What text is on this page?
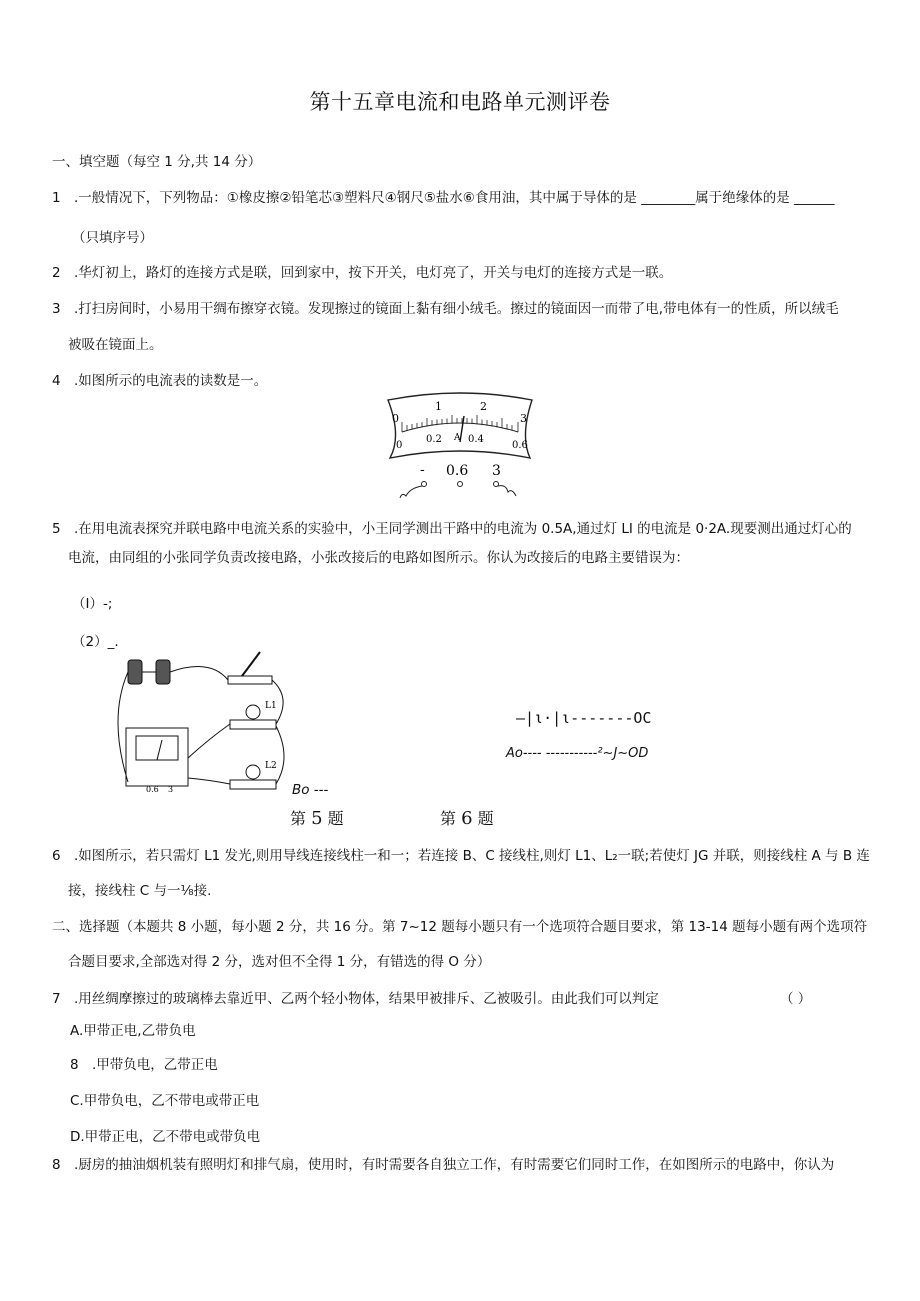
第十五章电流和电路单元测评卷
一、填空题（每空 1 分,共 14 分）
1 .一般情况下，下列物品：①橡皮擦②铅笔芯③塑料尺④钢尺⑤盐水⑥食用油，其中属于导体的是 ________属于绝缘体的是 ______
（只填序号）
2 .华灯初上，路灯的连接方式是联，回到家中，按下开关，电灯亮了，开关与电灯的连接方式是一联。
3 .打扫房间时，小易用干绸布擦穿衣镜。发现擦过的镜面上黏有细小绒毛。擦过的镜面因一而带了电,带电体有一的性质，所以绒毛
被吸在镜面上。
4 .如图所示的电流表的读数是一。
0
1	2
3
0
0.2 A 0.4
0.6
- 0.6 3
5 .在用电流表探究并联电路中电流关系的实验中，小王同学测出干路中的电流为 0.5A,通过灯 LI 的电流是 0·2A.现要测出通过灯心的
电流，由同组的小张同学负责改接电路，小张改接后的电路如图所示。你认为改接后的电路主要错误为：
（I）-;
（2）_.
L1
L2
0.6 3	Bo ---
—|ι·|ι-------OC
Ao---- -----------²~J~OD
第 5 题	第 6 题
6 .如图所示，若只需灯 L1 发光,则用导线连接线柱一和一；若连接 B、C 接线柱,则灯 L1、L₂一联;若使灯 JG 并联，则接线柱 A 与 B 连
接，接线柱 C 与一⅛接.
二、选择题（本题共 8 小题，每小题 2 分，共 16 分。第 7~12 题每小题只有一个选项符合题目要求，第 13-14 题每小题有两个选项符
合题目要求,全部选对得 2 分，选对但不全得 1 分，有错选的得 O 分）
7 .用丝绸摩擦过的玻璃棒去靠近甲、乙两个轻小物体，结果甲被排斥、乙被吸引。由此我们可以判定	（ ）
A.甲带正电,乙带负电
8 .甲带负电，乙带正电
C.甲带负电，乙不带电或带正电
D.甲带正电，乙不带电或带负电
8 .厨房的抽油烟机装有照明灯和排气扇，使用时，有时需要各自独立工作，有时需要它们同时工作，在如图所示的电路中，你认为
